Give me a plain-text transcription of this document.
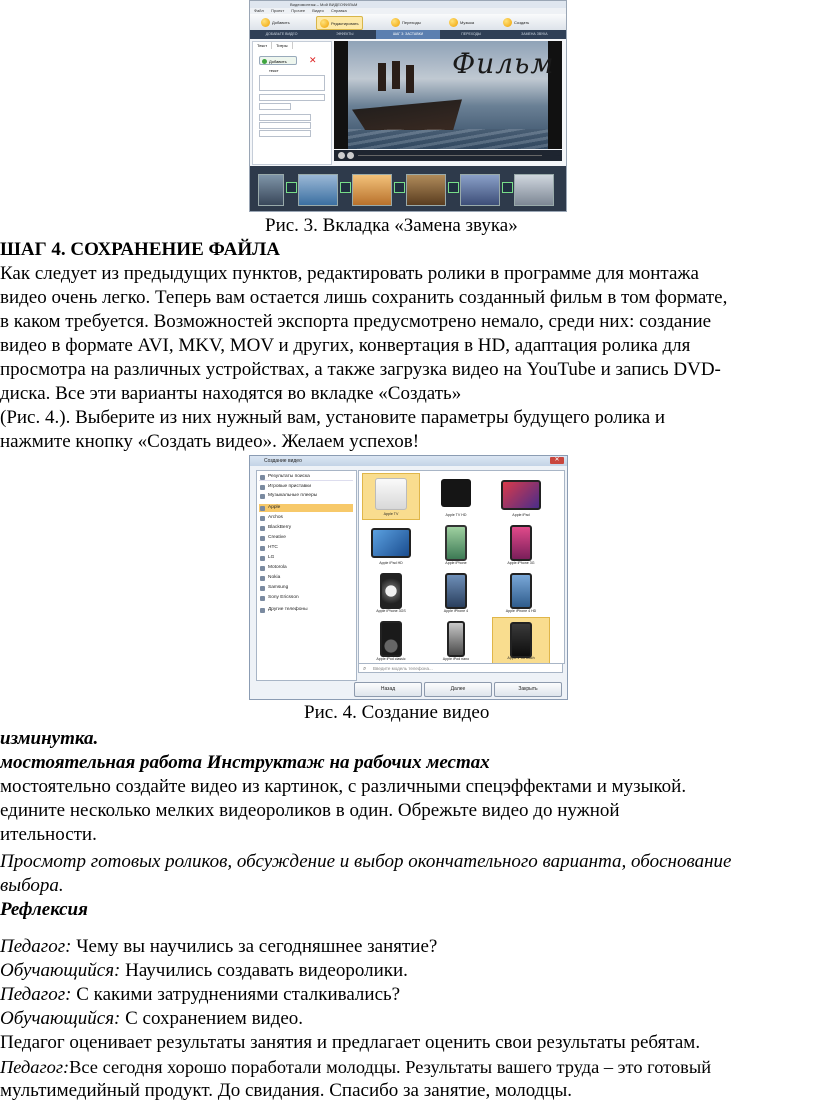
Видеомонтаж – Мой ВИДЕОФИЛЬМ
Файл Проект Прочее Видео Справка
Добавить	Редактировать	Переходы	Музыка	Создать
ДОБАВЬТЕ ВИДЕО	ЭФФЕКТЫ	ШАГ 3: ЗАСТАВКИ	ПЕРЕХОДЫ	ЗАМЕНА ЗВУКА
Текст	Титры
Добавить текст
✕	Фильм
Рис. 3. Вкладка «Замена звука»
ШАГ 4. СОХРАНЕНИЕ ФАЙЛА
Как следует из предыдущих пунктов, редактировать ролики в программе для монтажа
видео очень легко. Теперь вам остается лишь сохранить созданный фильм в том формате,
в каком требуется. Возможностей экспорта предусмотрено немало, среди них: создание
видео в формате AVI, MKV, MOV и других, конвертация в HD, адаптация ролика для
просмотра на различных устройствах, а также загрузка видео на YouTube и запись DVD-
диска. Все эти варианты находятся во вкладке «Создать»
(Рис. 4.). Выберите из них нужный вам, установите параметры будущего ролика и
нажмите кнопку «Создать видео». Желаем успехов!
Создание видео	✕
Результаты поиска
Игровые приставки
Музыкальные плееры
Apple
Archos
BlackBerry
Creative
HTC
LG
Motorola
Nokia
Samsung
Sony Ericsson
Другие телефоны
Apple TV	Apple TV HD	Apple iPad
Apple iPad HD	Apple iPhone	Apple iPhone 3G
Apple iPhone 3GS	Apple iPhone 4	Apple iPhone 4 HD
Apple iPod classic	Apple iPod nano	Apple iPod touch
⌕ Введите модель телефона...
Назад	Далее	Закрыть
Рис. 4. Создание видео
изминутка.
мостоятельная работа Инструктаж на рабочих местах
мостоятельно создайте видео из картинок, с различными спецэффектами и музыкой.
единитe несколько мелких видеороликов в один. Обрежьте видео до нужной
ительности.
Просмотр готовых роликов, обсуждение и выбор окончательного варианта, обоснование
выбора.
Рефлексия
Педагог: Чему вы научились за сегодняшнее занятие?
Обучающийся: Научились создавать видеоролики.
Педагог: С какими затруднениями сталкивались?
Обучающийся: С сохранением видео.
Педагог оценивает результаты занятия и предлагает оценить свои результаты ребятам.
Педагог:Все сегодня хорошо поработали молодцы. Результаты вашего труда – это готовый
мультимедийный продукт. До свидания. Спасибо за занятие, молодцы.
